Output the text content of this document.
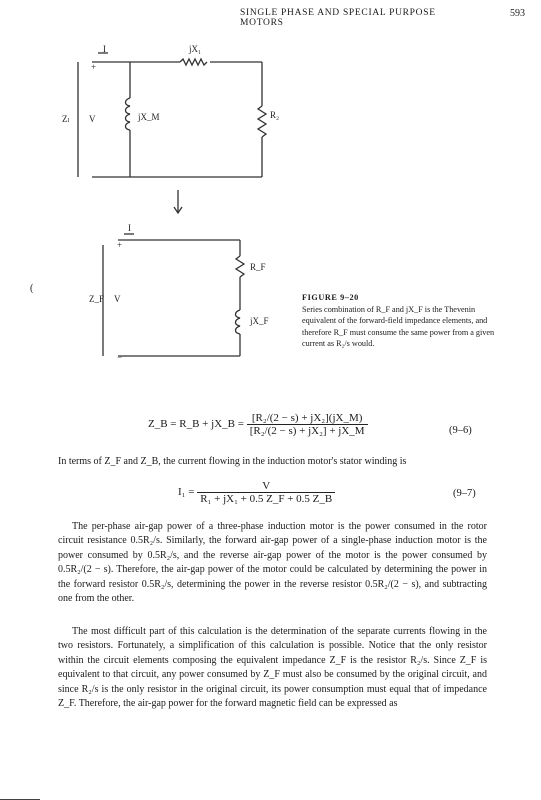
SINGLE PHASE AND SPECIAL PURPOSE MOTORS
593
I
+
Zₗ V
jX₁
jX_M	R₂
I
+
Z_F V
R_F
jX_F
−
(
FIGURE 9–20
Series combination of R_F and jX_F is the Thevenin equivalent of the forward-field impedance elements, and therefore R_F must consume the same power from a given current as R₂/s would.
Z_B = R_B + jX_B = $\frac{\text{[R₂/(2 − s) + jX₂](jX\_M)}}{\text{[R₂/(2 − s) + jX₂] + jX\_M}}$	(9–6)
In terms of Z_F and Z_B, the current flowing in the induction motor's stator winding is
$I_1 = \frac{V}{\text{R₁ + jX₁ + 0.5 Z\_F + 0.5 Z\_B}}$	(9–7)
The per-phase air-gap power of a three-phase induction motor is the power consumed in the rotor circuit resistance 0.5R₂/s. Similarly, the forward air-gap power of a single-phase induction motor is the power consumed by 0.5R₂/s, and the reverse air-gap power of the motor is the power consumed by 0.5R₂/(2 − s). Therefore, the air-gap power of the motor could be calculated by determining the power in the forward resistor 0.5R₂/s, determining the power in the reverse resistor 0.5R₂/(2 − s), and subtracting one from the other.
The most difficult part of this calculation is the determination of the separate currents flowing in the two resistors. Fortunately, a simplification of this calculation is possible. Notice that the only resistor within the circuit elements composing the equivalent impedance Z_F is the resistor R₂/s. Since Z_F is equivalent to that circuit, any power consumed by Z_F must also be consumed by the original circuit, and since R₂/s is the only resistor in the original circuit, its power consumption must equal that of impedance Z_F. Therefore, the air-gap power for the forward magnetic field can be expressed as
